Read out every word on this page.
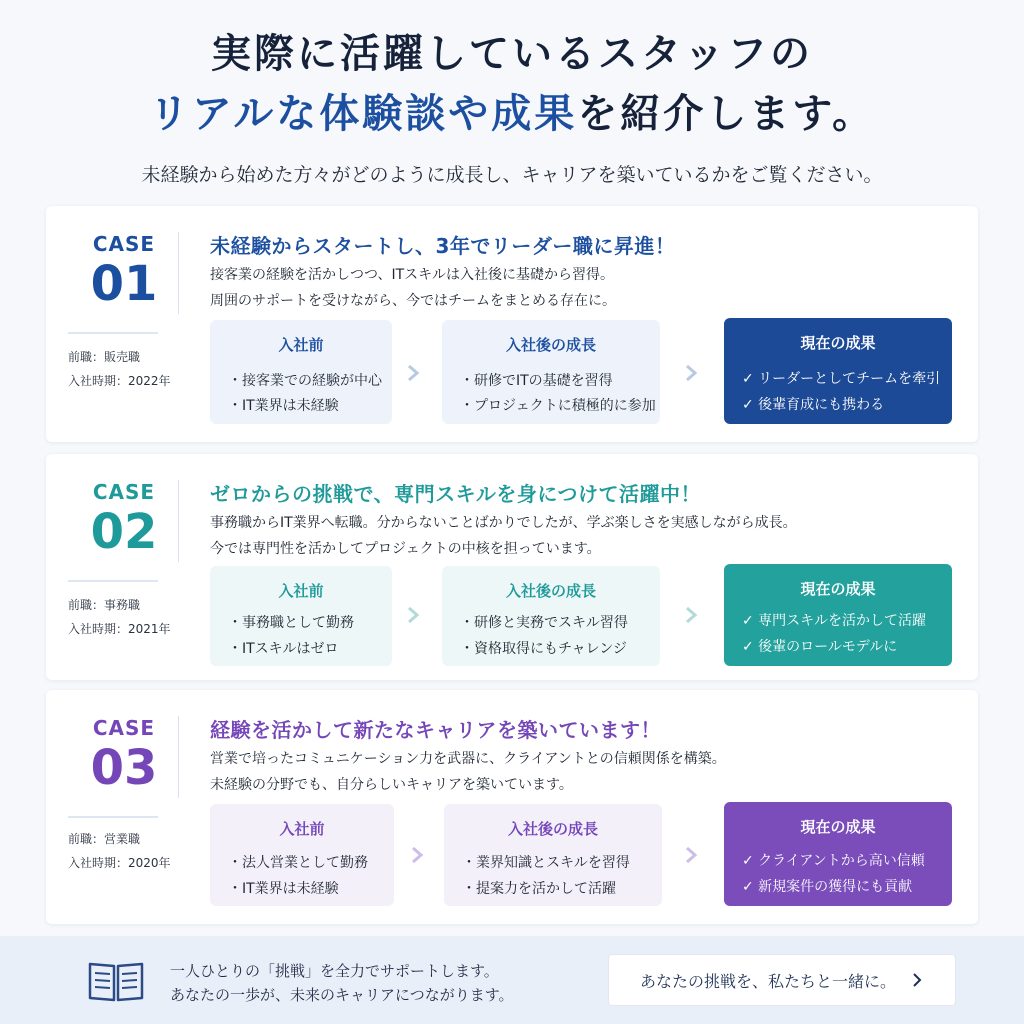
実際に活躍しているスタッフの
リアルな体験談や成果を紹介します。
未経験から始めた方々がどのように成長し、キャリアを築いているかをご覧ください。
CASE
01
前職：販売職
入社時期：2022年
未経験からスタートし、3年でリーダー職に昇進！
接客業の経験を活かしつつ、ITスキルは入社後に基礎から習得。
周囲のサポートを受けながら、今ではチームをまとめる存在に。
入社前
・接客業での経験が中心
・IT業界は未経験
入社後の成長
・研修でITの基礎を習得
・プロジェクトに積極的に参加
現在の成果
✓ リーダーとしてチームを牽引
✓ 後輩育成にも携わる
CASE
02
前職：事務職
入社時期：2021年
ゼロからの挑戦で、専門スキルを身につけて活躍中！
事務職からIT業界へ転職。分からないことばかりでしたが、学ぶ楽しさを実感しながら成長。
今では専門性を活かしてプロジェクトの中核を担っています。
入社前
・事務職として勤務
・ITスキルはゼロ
入社後の成長
・研修と実務でスキル習得
・資格取得にもチャレンジ
現在の成果
✓ 専門スキルを活かして活躍
✓ 後輩のロールモデルに
CASE
03
前職：営業職
入社時期：2020年
経験を活かして新たなキャリアを築いています！
営業で培ったコミュニケーション力を武器に、クライアントとの信頼関係を構築。
未経験の分野でも、自分らしいキャリアを築いています。
入社前
・法人営業として勤務
・IT業界は未経験
入社後の成長
・業界知識とスキルを習得
・提案力を活かして活躍
現在の成果
✓ クライアントから高い信頼
✓ 新規案件の獲得にも貢献
一人ひとりの「挑戦」を全力でサポートします。
あなたの一歩が、未来のキャリアにつながります。
あなたの挑戦を、私たちと一緒に。
